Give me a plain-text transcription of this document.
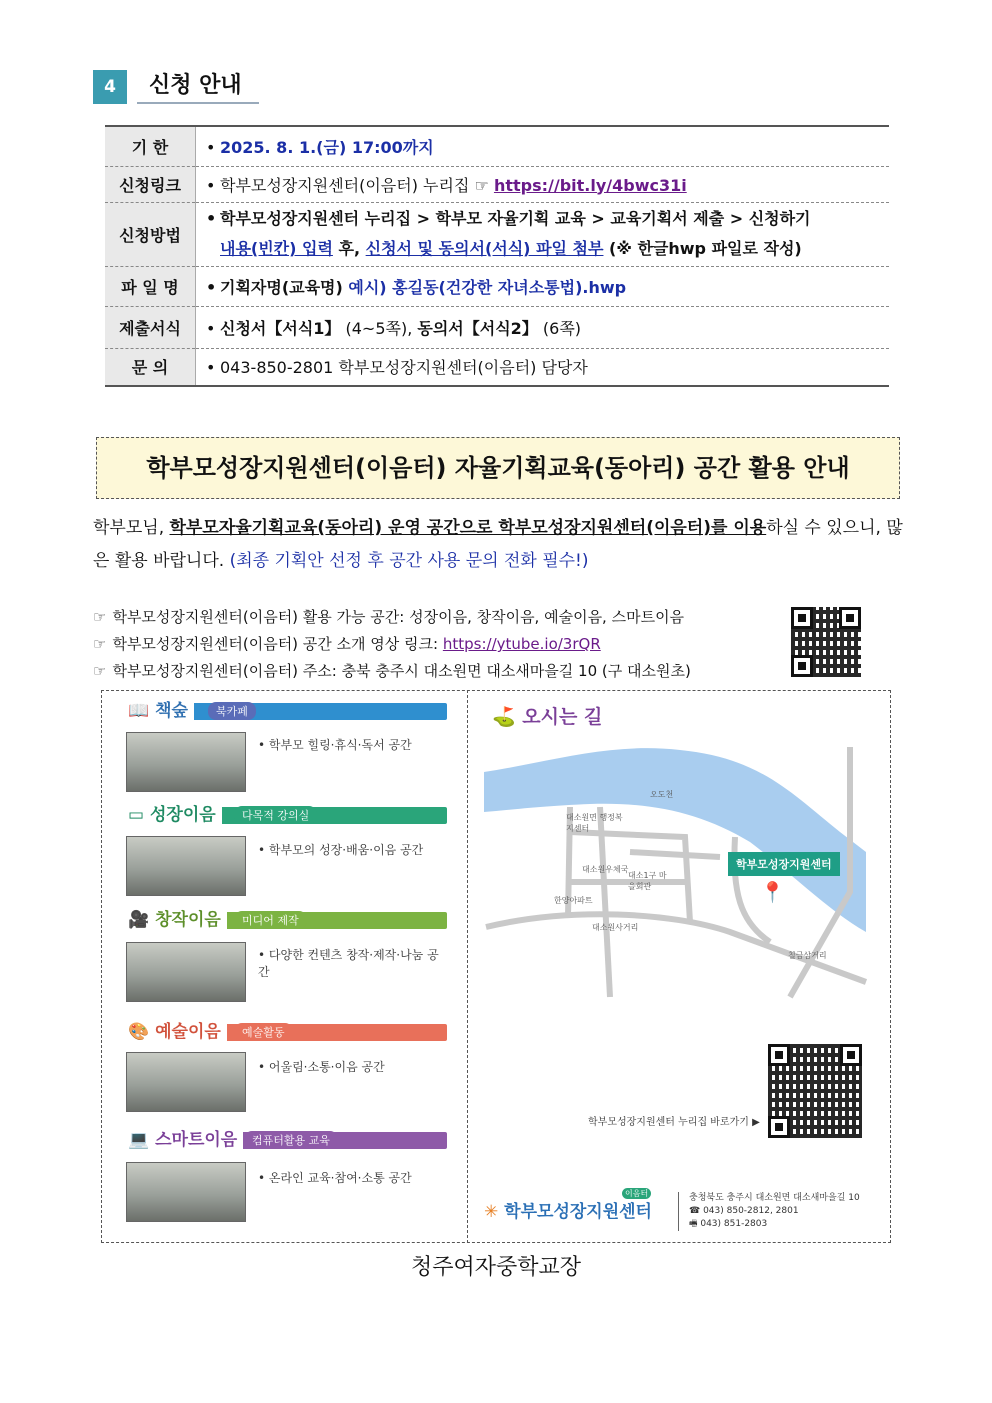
4	신청 안내
기 한	• 2025. 8. 1.(금) 17:00까지
신청링크	• 학부모성장지원센터(이음터) 누리집 ☞ https://bit.ly/4bwc31i
신청방법	• 학부모성장지원센터 누리집 > 학부모 자율기획 교육 > 교육기획서 제출 > 신청하기
내용(빈칸) 입력 후, 신청서 및 동의서(서식) 파일 첨부 (※ 한글hwp 파일로 작성)
파 일 명	• 기획자명(교육명) 예시) 홍길동(건강한 자녀소통법).hwp
제출서식	• 신청서【서식1】 (4~5쪽), 동의서【서식2】 (6쪽)
문 의	• 043-850-2801 학부모성장지원센터(이음터) 담당자
학부모성장지원센터(이음터) 자율기획교육(동아리) 공간 활용 안내
학부모님, 학부모자율기획교육(동아리) 운영 공간으로 학부모성장지원센터(이음터)를 이용하실 수 있으니, 많은 활용 바랍니다. (최종 기획안 선정 후 공간 사용 문의 전화 필수!)
☞ 학부모성장지원센터(이음터) 활용 가능 공간: 성장이음, 창작이음, 예술이음, 스마트이음
☞ 학부모성장지원센터(이음터) 공간 소개 영상 링크: https://ytube.io/3rQR
☞ 학부모성장지원센터(이음터) 주소: 충북 충주시 대소원면 대소새마을길 10 (구 대소원초)
📖 책숲	북카페
• 학부모 힐링·휴식·독서 공간
▭ 성장이음	다목적 강의실
• 학부모의 성장·배움·이음 공간
🎥 창작이음	미디어 제작
• 다양한 컨텐츠 창작·제작·나눔 공간
🎨 예술이음	예술활동
• 어울림·소통·이음 공간
💻 스마트이음	컴퓨터활용 교육
• 온라인 교육·참여·소통 공간
⛳ 오시는 길
오도천
대소원면 행정복지센터
대소원우체국
대소1구 마을회관
한양아파트
대소원사거리
칠금삼거리
학부모성장지원센터
📍
학부모성장지원센터 누리집 바로가기 ▶
✳ 학부모성장지원센터
이음터	충청북도 충주시 대소원면 대소새마을길 10
☎ 043) 850-2812, 2801
🖷 043) 851-2803
청주여자중학교장
